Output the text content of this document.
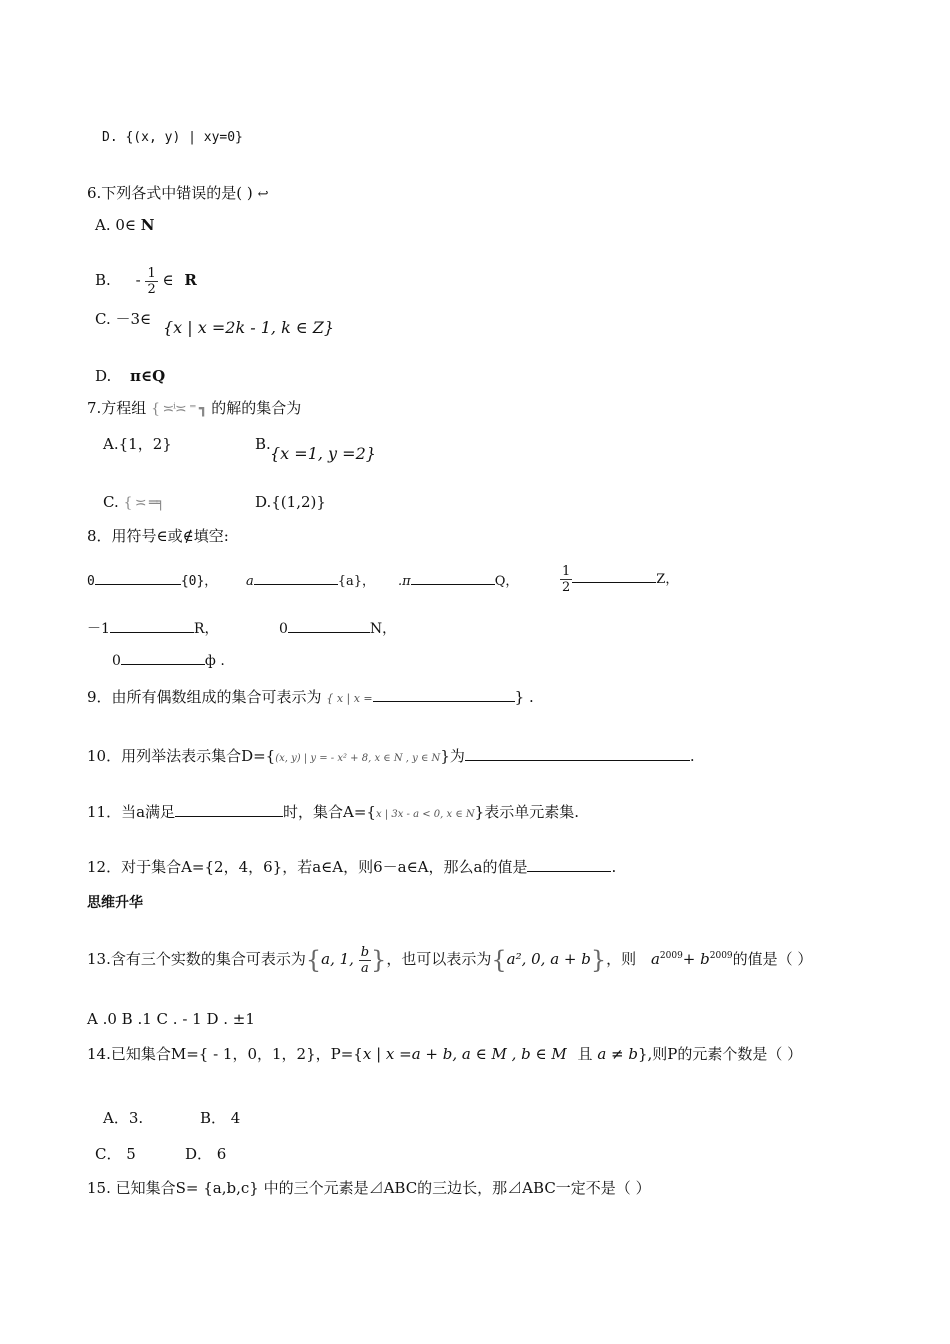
D. {(x, y) | xy=0}
6.下列各式中错误的是( ) ↩
A. 0∈ N
B. - $\frac{1}{2}$ ∈ R
C. －3∈ {x | x =2k - 1, k ∈ Z}
D. π∈Q
7.方程组 { ≍ⁱ≍ ⁼ ┓ 的解的集合为
A.{1，2}	B. {x =1, y =2}
C. { ≍ ═╕	D.{(1,2)}
8．用符号∈或∉填空:
0	{0}， a	{a}， .π	Q，	$\frac{1}{2}$	Z，
－1	R，	0	N，
0	ф .
9．由所有偶数组成的集合可表示为 { x | x =	} .
10．用列举法表示集合D={(x, y) | y = - x² + 8, x ∈ N , y ∈ N}为	.
11．当a满足	时，集合A={x | 3x - a < 0, x ∈ N}表示单元素集.
12．对于集合A={2，4，6}，若a∈A，则6－a∈A，那么a的值是	.
思维升华
13.含有三个实数的集合可表示为{a, 1, $\frac{b}{a}$ }，也可以表示为{a², 0, a + b}，则 $a^{2009}+ b^{2009}$的值是（ ）
A .0 B .1 C . - 1 D . ±1
14.已知集合M={ - 1，0，1，2}，P={x | x =a + b, a ∈ M , b ∈ M 且 a ≠ b},则P的元素个数是（ ）
A．3.	B． 4
C． 5	D． 6
15. 已知集合S= {a,b,c} 中的三个元素是⊿ABC的三边长，那⊿ABC一定不是（ ）
